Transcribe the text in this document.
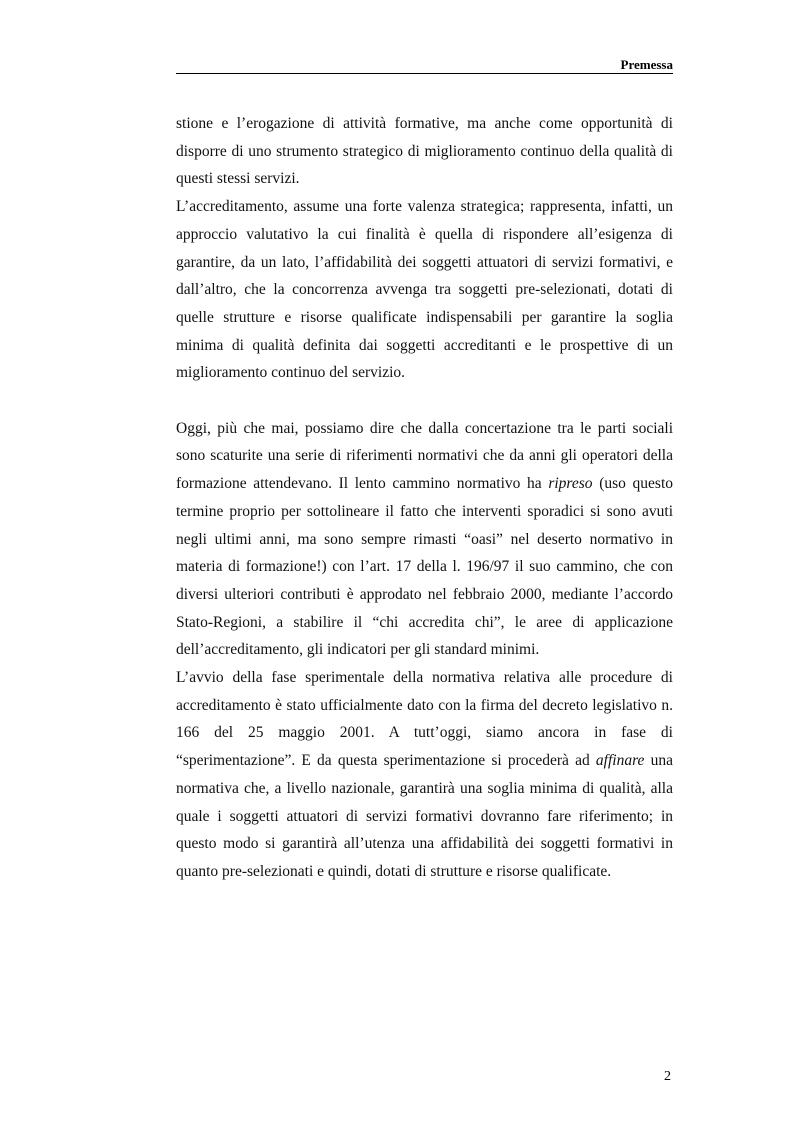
Premessa

stione e l’erogazione di attività formative, ma anche come opportunità di disporre di uno strumento strategico di miglioramento continuo della qualità di questi stessi servizi.

L’accreditamento, assume una forte valenza strategica; rappresenta, infatti, un approccio valutativo la cui finalità è quella di rispondere all’esigenza di garantire, da un lato, l’affidabilità dei soggetti attuatori di servizi formativi, e dall’altro, che la concorrenza avvenga tra soggetti pre-selezionati, dotati di quelle strutture e risorse qualificate indispensabili per garantire la soglia minima di qualità definita dai soggetti accreditanti e le prospettive di un miglioramento continuo del servizio.

Oggi, più che mai, possiamo dire che dalla concertazione tra le parti sociali sono scaturite una serie di riferimenti normativi che da anni gli operatori della formazione attendevano. Il lento cammino normativo ha ripreso (uso questo termine proprio per sottolineare il fatto che interventi sporadici si sono avuti negli ultimi anni, ma sono sempre rimasti “oasi” nel deserto normativo in materia di formazione!) con l’art. 17 della l. 196/97 il suo cammino, che con diversi ulteriori contributi è approdato nel febbraio 2000, mediante l’accordo Stato-Regioni, a stabilire il “chi accredita chi”, le aree di applicazione dell’accreditamento, gli indicatori per gli standard minimi.

L’avvio della fase sperimentale della normativa relativa alle procedure di accreditamento è stato ufficialmente dato con la firma del decreto legislativo n. 166 del 25 maggio 2001. A tutt’oggi, siamo ancora in fase di “sperimentazione”. E da questa sperimentazione si procederà ad affinare una normativa che, a livello nazionale, garantirà una soglia minima di qualità, alla quale i soggetti attuatori di servizi formativi dovranno fare riferimento; in questo modo si garantirà all’utenza una affidabilità dei soggetti formativi in quanto pre-selezionati e quindi, dotati di strutture e risorse qualificate.

2
